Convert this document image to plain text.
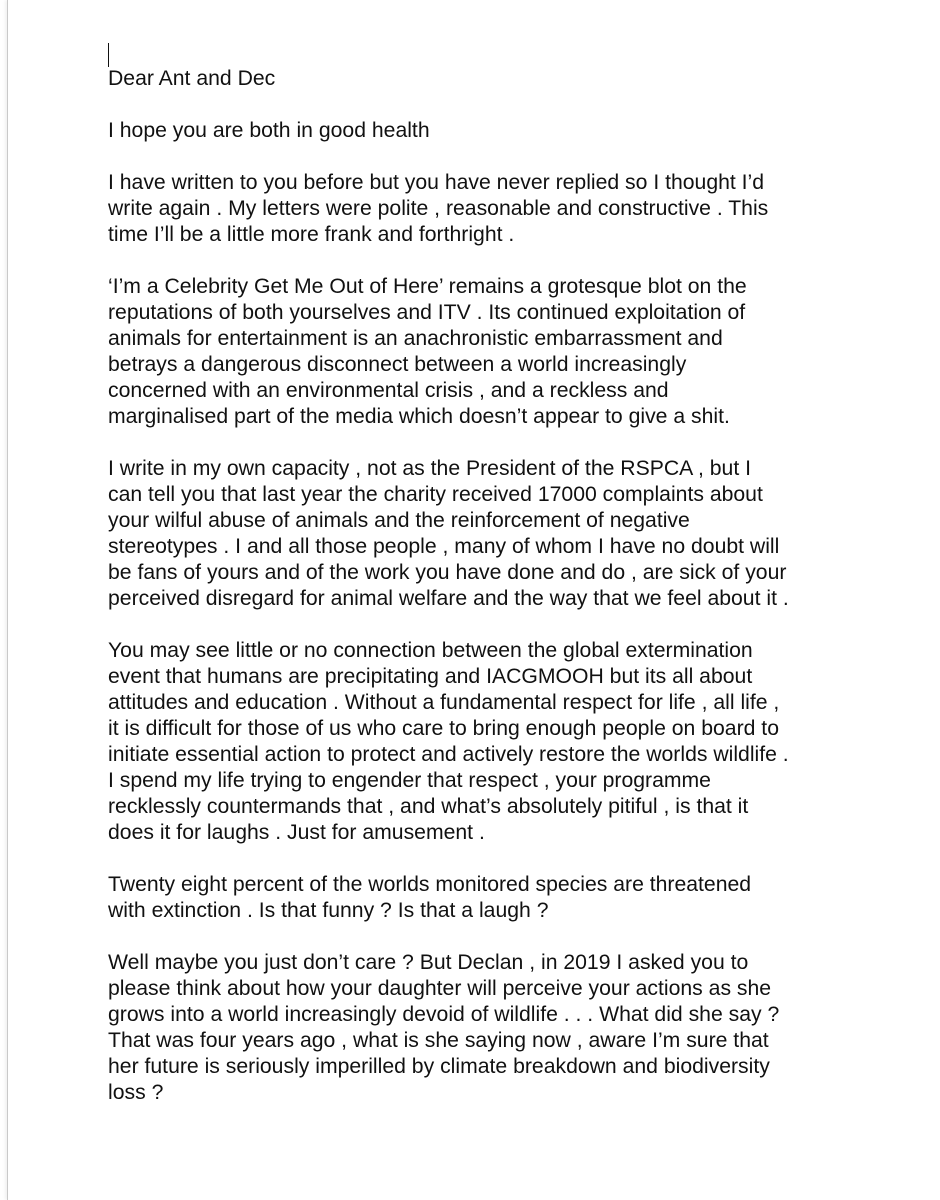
Dear Ant and Dec

I hope you are both in good health

I have written to you before but you have never replied so I thought I’d
write again . My letters were polite , reasonable and constructive . This
time I’ll be a little more frank and forthright .

‘I’m a Celebrity Get Me Out of Here’ remains a grotesque blot on the
reputations of both yourselves and ITV . Its continued exploitation of
animals for entertainment is an anachronistic embarrassment and
betrays a dangerous disconnect between a world increasingly
concerned with an environmental crisis , and a reckless and
marginalised part of the media which doesn’t appear to give a shit.

I write in my own capacity , not as the President of the RSPCA , but I
can tell you that last year the charity received 17000 complaints about
your wilful abuse of animals and the reinforcement of negative
stereotypes . I and all those people , many of whom I have no doubt will
be fans of yours and of the work you have done and do , are sick of your
perceived disregard for animal welfare and the way that we feel about it .

You may see little or no connection between the global extermination
event that humans are precipitating and IACGMOOH but its all about
attitudes and education . Without a fundamental respect for life , all life ,
it is difficult for those of us who care to bring enough people on board to
initiate essential action to protect and actively restore the worlds wildlife .
I spend my life trying to engender that respect , your programme
recklessly countermands that , and what’s absolutely pitiful , is that it
does it for laughs . Just for amusement .

Twenty eight percent of the worlds monitored species are threatened
with extinction . Is that funny ? Is that a laugh ?

Well maybe you just don’t care ? But Declan , in 2019 I asked you to
please think about how your daughter will perceive your actions as she
grows into a world increasingly devoid of wildlife . . . What did she say ?
That was four years ago , what is she saying now , aware I’m sure that
her future is seriously imperilled by climate breakdown and biodiversity
loss ?
